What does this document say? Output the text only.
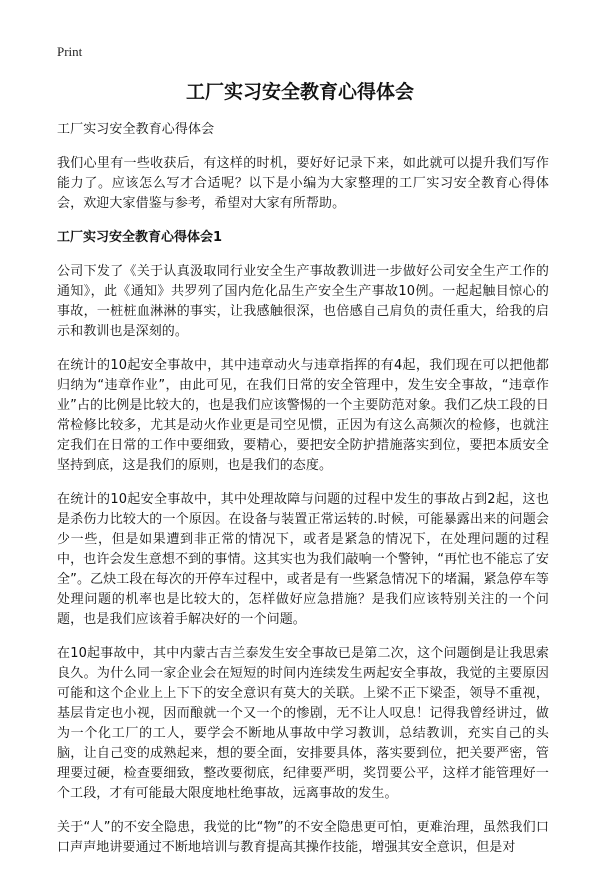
Print
工厂实习安全教育心得体会

工厂实习安全教育心得体会

我们心里有一些收获后，有这样的时机，要好好记录下来，如此就可以提升我们写作能力了。应该怎么写才合适呢？以下是小编为大家整理的工厂实习安全教育心得体会，欢迎大家借鉴与参考，希望对大家有所帮助。

工厂实习安全教育心得体会1

公司下发了《关于认真汲取同行业安全生产事故教训进一步做好公司安全生产工作的通知》，此《通知》共罗列了国内危化品生产安全生产事故10例。一起起触目惊心的事故，一桩桩血淋淋的事实，让我感触很深，也倍感自己肩负的责任重大，给我的启示和教训也是深刻的。

在统计的10起安全事故中，其中违章动火与违章指挥的有4起，我们现在可以把他都归纳为“违章作业”，由此可见，在我们日常的安全管理中，发生安全事故，“违章作业”占的比例是比较大的，也是我们应该警惕的一个主要防范对象。我们乙炔工段的日常检修比较多，尤其是动火作业更是司空见惯，正因为有这么高频次的检修，也就注定我们在日常的工作中要细致，要精心，要把安全防护措施落实到位，要把本质安全坚持到底，这是我们的原则，也是我们的态度。

在统计的10起安全事故中，其中处理故障与问题的过程中发生的事故占到2起，这也是杀伤力比较大的一个原因。在设备与装置正常运转的.时候，可能暴露出来的问题会少一些，但是如果遭到非正常的情况下，或者是紧急的情况下，在处理问题的过程中，也许会发生意想不到的事情。这其实也为我们敲响一个警钟，“再忙也不能忘了安全”。乙炔工段在每次的开停车过程中，或者是有一些紧急情况下的堵漏，紧急停车等处理问题的机率也是比较大的，怎样做好应急措施？是我们应该特别关注的一个问题，也是我们应该着手解决好的一个问题。

在10起事故中，其中内蒙古吉兰泰发生安全事故已是第二次，这个问题倒是让我思索良久。为什么同一家企业会在短短的时间内连续发生两起安全事故，我觉的主要原因可能和这个企业上上下下的安全意识有莫大的关联。上梁不正下梁歪，领导不重视，基层肯定也小视，因而酿就一个又一个的惨剧，无不让人叹息！记得我曾经讲过，做为一个化工厂的工人，要学会不断地从事故中学习教训，总结教训，充实自己的头脑，让自己变的成熟起来，想的要全面，安排要具体，落实要到位，把关要严密，管理要过硬，检查要细致，整改要彻底，纪律要严明，奖罚要公平，这样才能管理好一个工段，才有可能最大限度地杜绝事故，远离事故的发生。

关于“人”的不安全隐患，我觉的比“物”的不安全隐患更可怕，更难治理，虽然我们口口声声地讲要通过不断地培训与教育提高其操作技能，增强其安全意识，但是对
